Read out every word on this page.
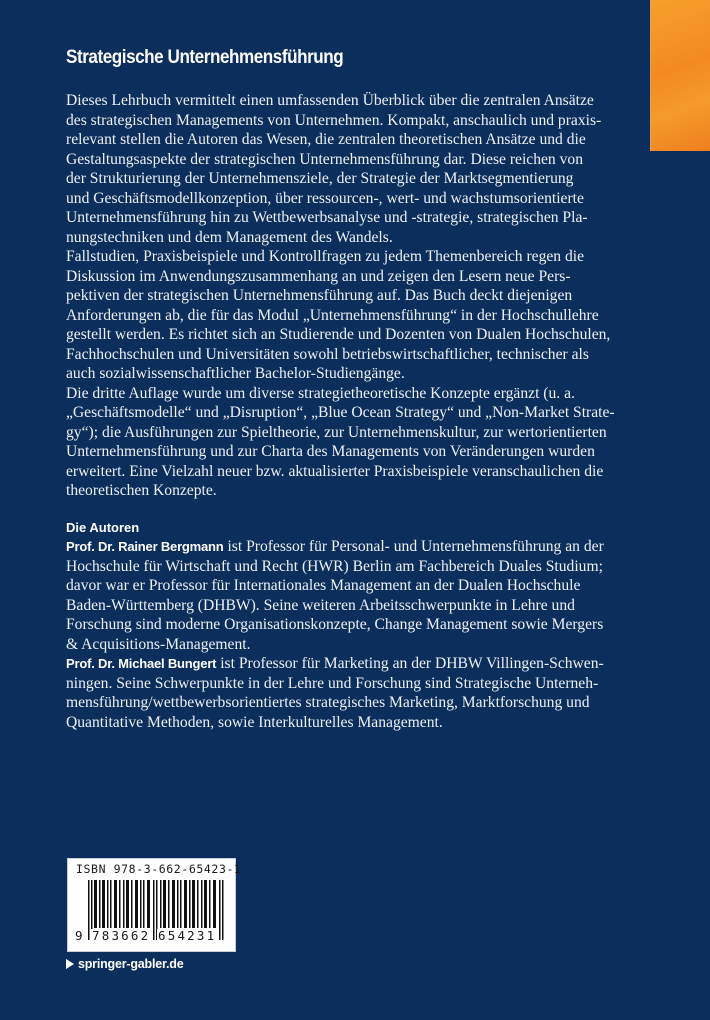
Strategische Unternehmensführung

Dieses Lehrbuch vermittelt einen umfassenden Überblick über die zentralen Ansätze
des strategischen Managements von Unternehmen. Kompakt, anschaulich und praxis-
relevant stellen die Autoren das Wesen, die zentralen theoretischen Ansätze und die
Gestaltungsaspekte der strategischen Unternehmensführung dar. Diese reichen von
der Strukturierung der Unternehmensziele, der Strategie der Marktsegmentierung
und Geschäftsmodellkonzeption, über ressourcen-, wert- und wachstumsorientierte
Unternehmensführung hin zu Wettbewerbsanalyse und -strategie, strategischen Pla-
nungstechniken und dem Management des Wandels.

Fallstudien, Praxisbeispiele und Kontrollfragen zu jedem Themenbereich regen die
Diskussion im Anwendungszusammenhang an und zeigen den Lesern neue Pers-
pektiven der strategischen Unternehmensführung auf. Das Buch deckt diejenigen
Anforderungen ab, die für das Modul „Unternehmensführung“ in der Hochschullehre
gestellt werden. Es richtet sich an Studierende und Dozenten von Dualen Hochschulen,
Fachhochschulen und Universitäten sowohl betriebswirtschaftlicher, technischer als
auch sozialwissenschaftlicher Bachelor-Studiengänge.

Die dritte Auflage wurde um diverse strategietheoretische Konzepte ergänzt (u. a.
„Geschäftsmodelle“ und „Disruption“, „Blue Ocean Strategy“ und „Non-Market Strate-
gy“); die Ausführungen zur Spieltheorie, zur Unternehmenskultur, zur wertorientierten
Unternehmensführung und zur Charta des Managements von Veränderungen wurden
erweitert. Eine Vielzahl neuer bzw. aktualisierter Praxisbeispiele veranschaulichen die
theoretischen Konzepte.

Die Autoren

Prof. Dr. Rainer Bergmann ist Professor für Personal- und Unternehmensführung an der
Hochschule für Wirtschaft und Recht (HWR) Berlin am Fachbereich Duales Studium;
davor war er Professor für Internationales Management an der Dualen Hochschule
Baden-Württemberg (DHBW). Seine weiteren Arbeitsschwerpunkte in Lehre und
Forschung sind moderne Organisationskonzepte, Change Management sowie Mergers
& Acquisitions-Management.

Prof. Dr. Michael Bungert ist Professor für Marketing an der DHBW Villingen-Schwen-
ningen. Seine Schwerpunkte in der Lehre und Forschung sind Strategische Unterneh-
mensführung/wettbewerbsorientiertes strategisches Marketing, Marktforschung und
Quantitative Methoden, sowie Interkulturelles Management.

ISBN 978-3-662-65423-1
9 783662 654231
springer-gabler.de
